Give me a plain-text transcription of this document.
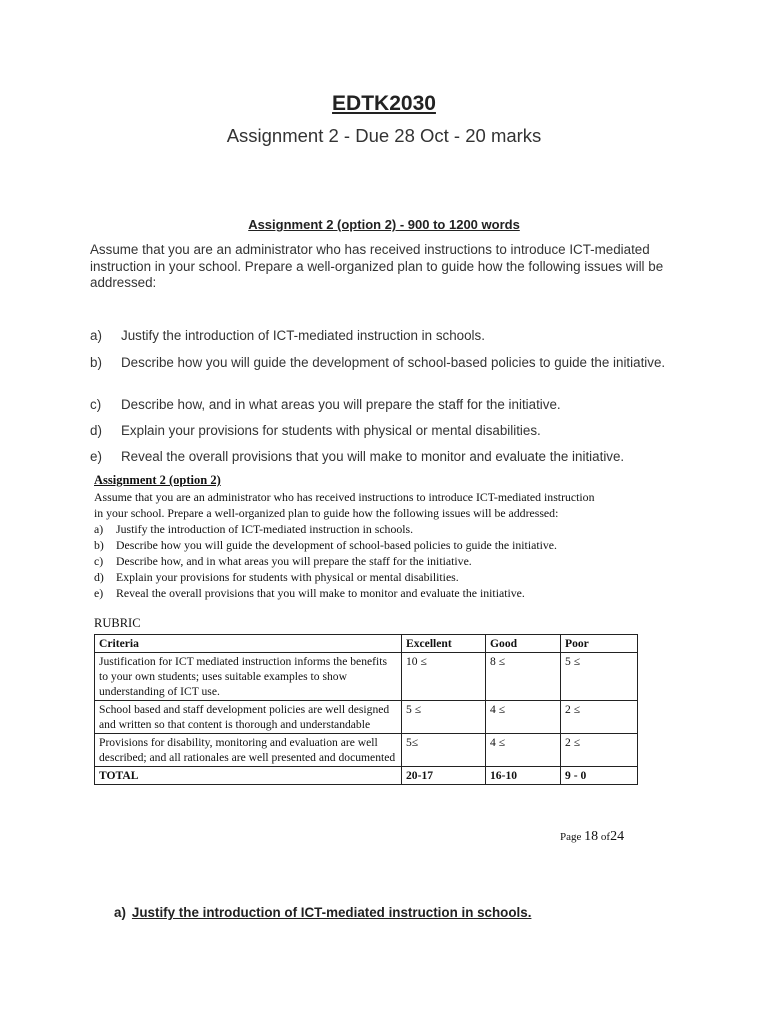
EDTK2030
Assignment 2 - Due 28 Oct - 20 marks
Assignment 2 (option 2) - 900 to 1200 words
Assume that you are an administrator who has received instructions to introduce ICT-mediated instruction in your school. Prepare a well-organized plan to guide how the following issues will be addressed:
a) Justify the introduction of ICT-mediated instruction in schools.
b) Describe how you will guide the development of school-based policies to guide the initiative.
c) Describe how, and in what areas you will prepare the staff for the initiative.
d) Explain your provisions for students with physical or mental disabilities.
e) Reveal the overall provisions that you will make to monitor and evaluate the initiative.
Assignment 2 (option 2)
Assume that you are an administrator who has received instructions to introduce ICT-mediated instruction
in your school. Prepare a well-organized plan to guide how the following issues will be addressed:
a) Justify the introduction of ICT-mediated instruction in schools.
b) Describe how you will guide the development of school-based policies to guide the initiative.
c) Describe how, and in what areas you will prepare the staff for the initiative.
d) Explain your provisions for students with physical or mental disabilities.
e) Reveal the overall provisions that you will make to monitor and evaluate the initiative.
RUBRIC
Criteria	Excellent	Good	Poor
Justification for ICT mediated instruction informs the benefits to your own students; uses suitable examples to show understanding of ICT use.	10 ≤	8 ≤	5 ≤
School based and staff development policies are well designed and written so that content is thorough and understandable	5 ≤	4 ≤	2 ≤
Provisions for disability, monitoring and evaluation are well described; and all rationales are well presented and documented	5≤	4 ≤	2 ≤
TOTAL	20-17	16-10	9 - 0
Page 18 of24
a) Justify the introduction of ICT-mediated instruction in schools.
